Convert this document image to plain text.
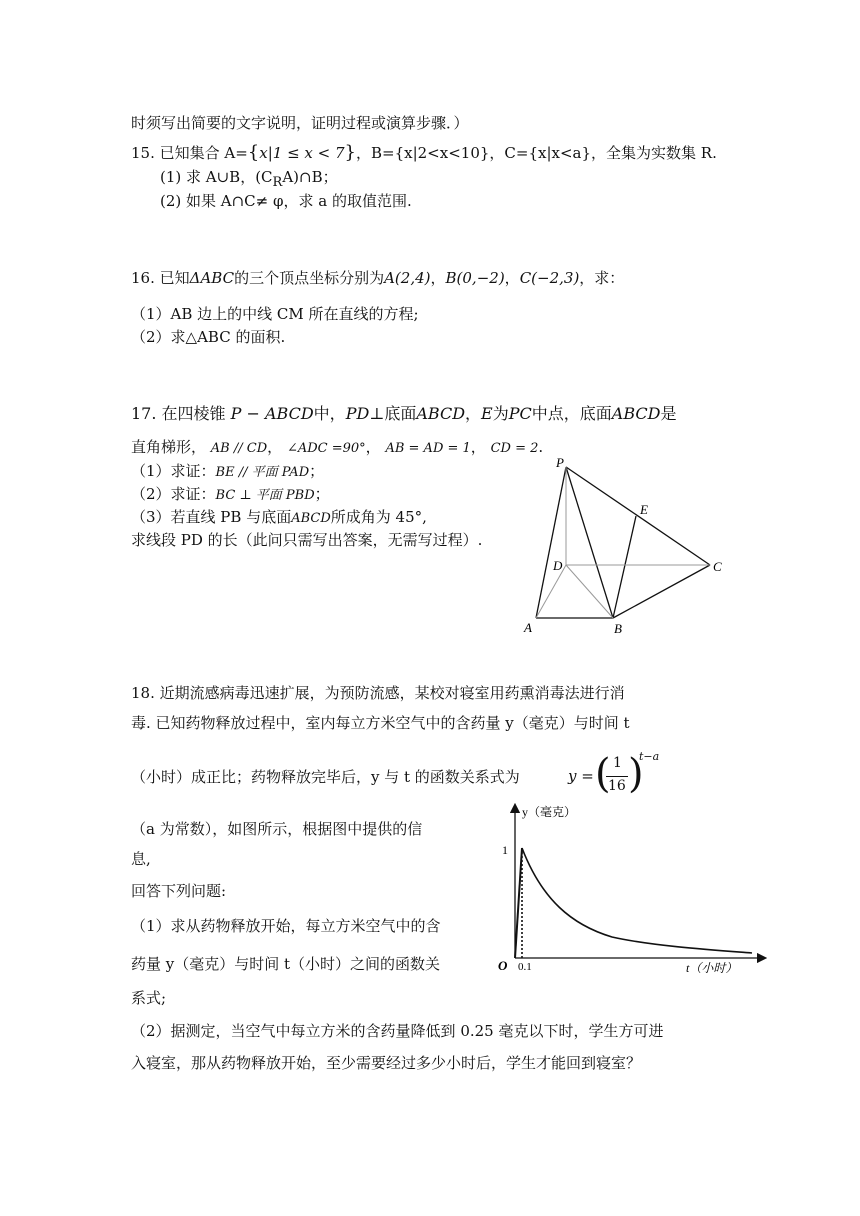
时须写出简要的文字说明，证明过程或演算步骤．）
15. 已知集合 A={x|1 ≤ x < 7}，B={x|2<x<10}，C={x|x<a}，全集为实数集 R.
(1) 求 A∪B，$(C_RA)\cap B$；
(2) 如果 A∩C≠ φ，求 a 的取值范围.
16. 已知ΔABC的三个顶点坐标分别为A(2,4)，B(0,−2)，C(−2,3)，求：
（1）AB 边上的中线 CM 所在直线的方程;
（2）求△ABC 的面积.
17. 在四棱锥 P − ABCD中，PD⊥底面ABCD，E为PC中点，底面ABCD是
直角梯形， AB // CD， ∠ADC =90°， AB = AD = 1， CD = 2.
（1）求证：BE // 平面 PAD；
（2）求证：BC ⊥ 平面 PBD；
（3）若直线 PB 与底面ABCD所成角为 45°,
求线段 PD 的长（此问只需写出答案，无需写过程）.
P
E
D	C
A	B
18. 近期流感病毒迅速扩展，为预防流感，某校对寝室用药熏消毒法进行消
毒. 已知药物释放过程中，室内每立方米空气中的含药量 y（毫克）与时间 t
（小时）成正比；药物释放完毕后，y 与 t 的函数关系式为	y = ( 1
16 )
t−a
（a 为常数），如图所示，根据图中提供的信
息,
回答下列问题:
（1）求从药物释放开始，每立方米空气中的含
药量 y（毫克）与时间 t（小时）之间的函数关
系式;
（2）据测定，当空气中每立方米的含药量降低到 0.25 毫克以下时，学生方可进
入寝室，那从药物释放开始，至少需要经过多少小时后，学生才能回到寝室？
y（毫克）
t（小时）
O
1
0.1
